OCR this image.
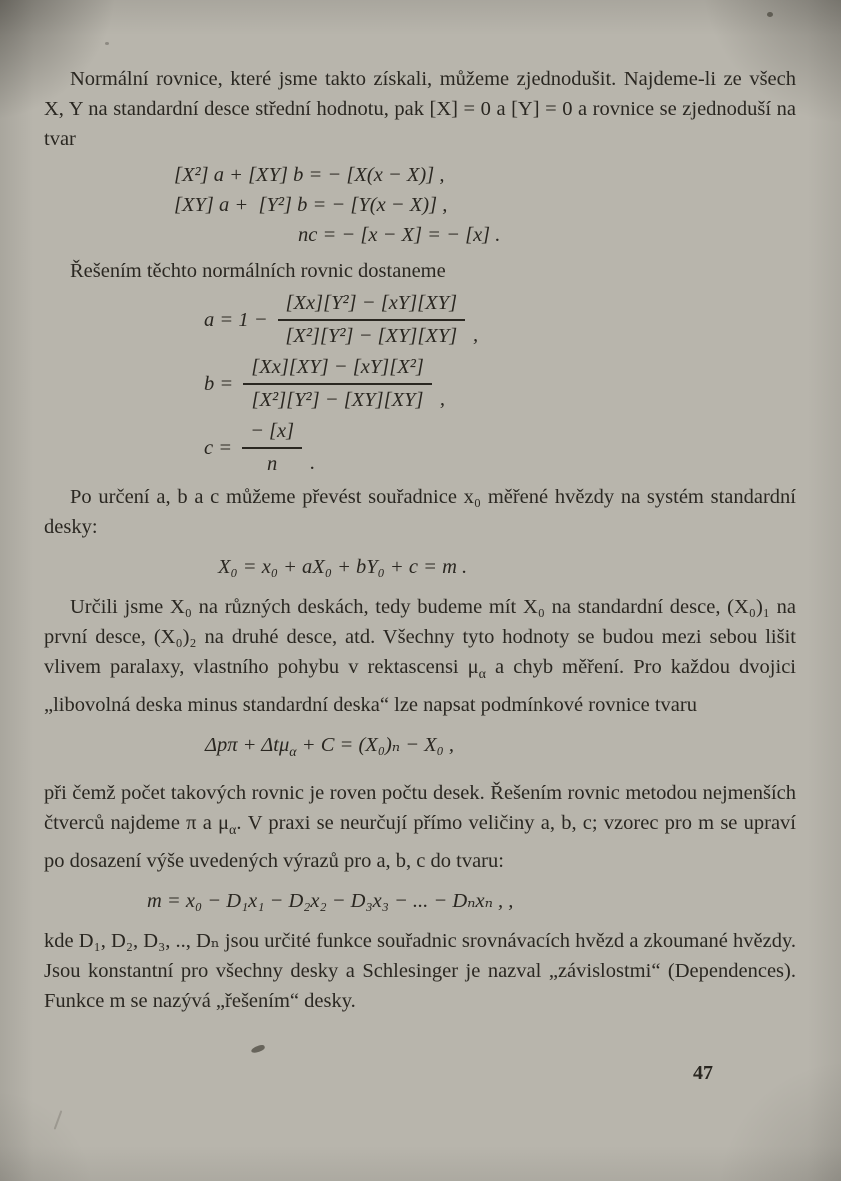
Normální rovnice, které jsme takto získali, můžeme zjednodušit. Najdeme-li ze všech X, Y na standardní desce střední hodnotu, pak [X] = 0 a [Y] = 0 a rovnice se zjednoduší na tvar

[X²] a + [XY] b = − [X(x − X)] ,
[XY] a +  [Y²] b = − [Y(x − X)] ,
nc = − [x − X] = − [x] .

Řešením těchto normálních rovnic dostaneme

$a = 1 - \frac{\text{[Xx][Y²] − [xY][XY]}}{\text{[X²][Y²] − [XY][XY]}}$ ,
$b = \frac{\text{[Xx][XY] − [xY][X²]}}{\text{[X²][Y²] − [XY][XY]}}$ ,
$c = \frac{- [x]}{n}$ .

Po určení a, b a c můžeme převést souřadnice x₀ měřené hvězdy na systém standardní desky:

X₀ = x₀ + aX₀ + bY₀ + c = m .

Určili jsme X₀ na různých deskách, tedy budeme mít X₀ na standardní desce, (X₀)₁ na první desce, (X₀)₂ na druhé desce, atd. Všechny tyto hodnoty se budou mezi sebou lišit vlivem paralaxy, vlastního pohybu v rektascensi $\mu_\alpha$ a chyb měření. Pro každou dvojici „libovolná deska minus standardní deska“ lze napsat podmínkové rovnice tvaru

Δpπ + Δtμ$_\alpha$ + C = (X₀)ₙ − X₀ ,

při čemž počet takových rovnic je roven počtu desek. Řešením rovnic metodou nejmenších čtverců najdeme π a $\mu_\alpha$. V praxi se neurčují přímo veličiny a, b, c; vzorec pro m se upraví po dosazení výše uvedených výrazů pro a, b, c do tvaru:

m = x₀ − D₁x₁ − D₂x₂ − D₃x₃ − ... − Dₙxₙ , ,

kde D₁, D₂, D₃, .., Dₙ jsou určité funkce souřadnic srovnávacích hvězd a zkoumané hvězdy. Jsou konstantní pro všechny desky a Schlesinger je nazval „závislostmi“ (Dependences). Funkce m se nazývá „řešením“ desky.

47
